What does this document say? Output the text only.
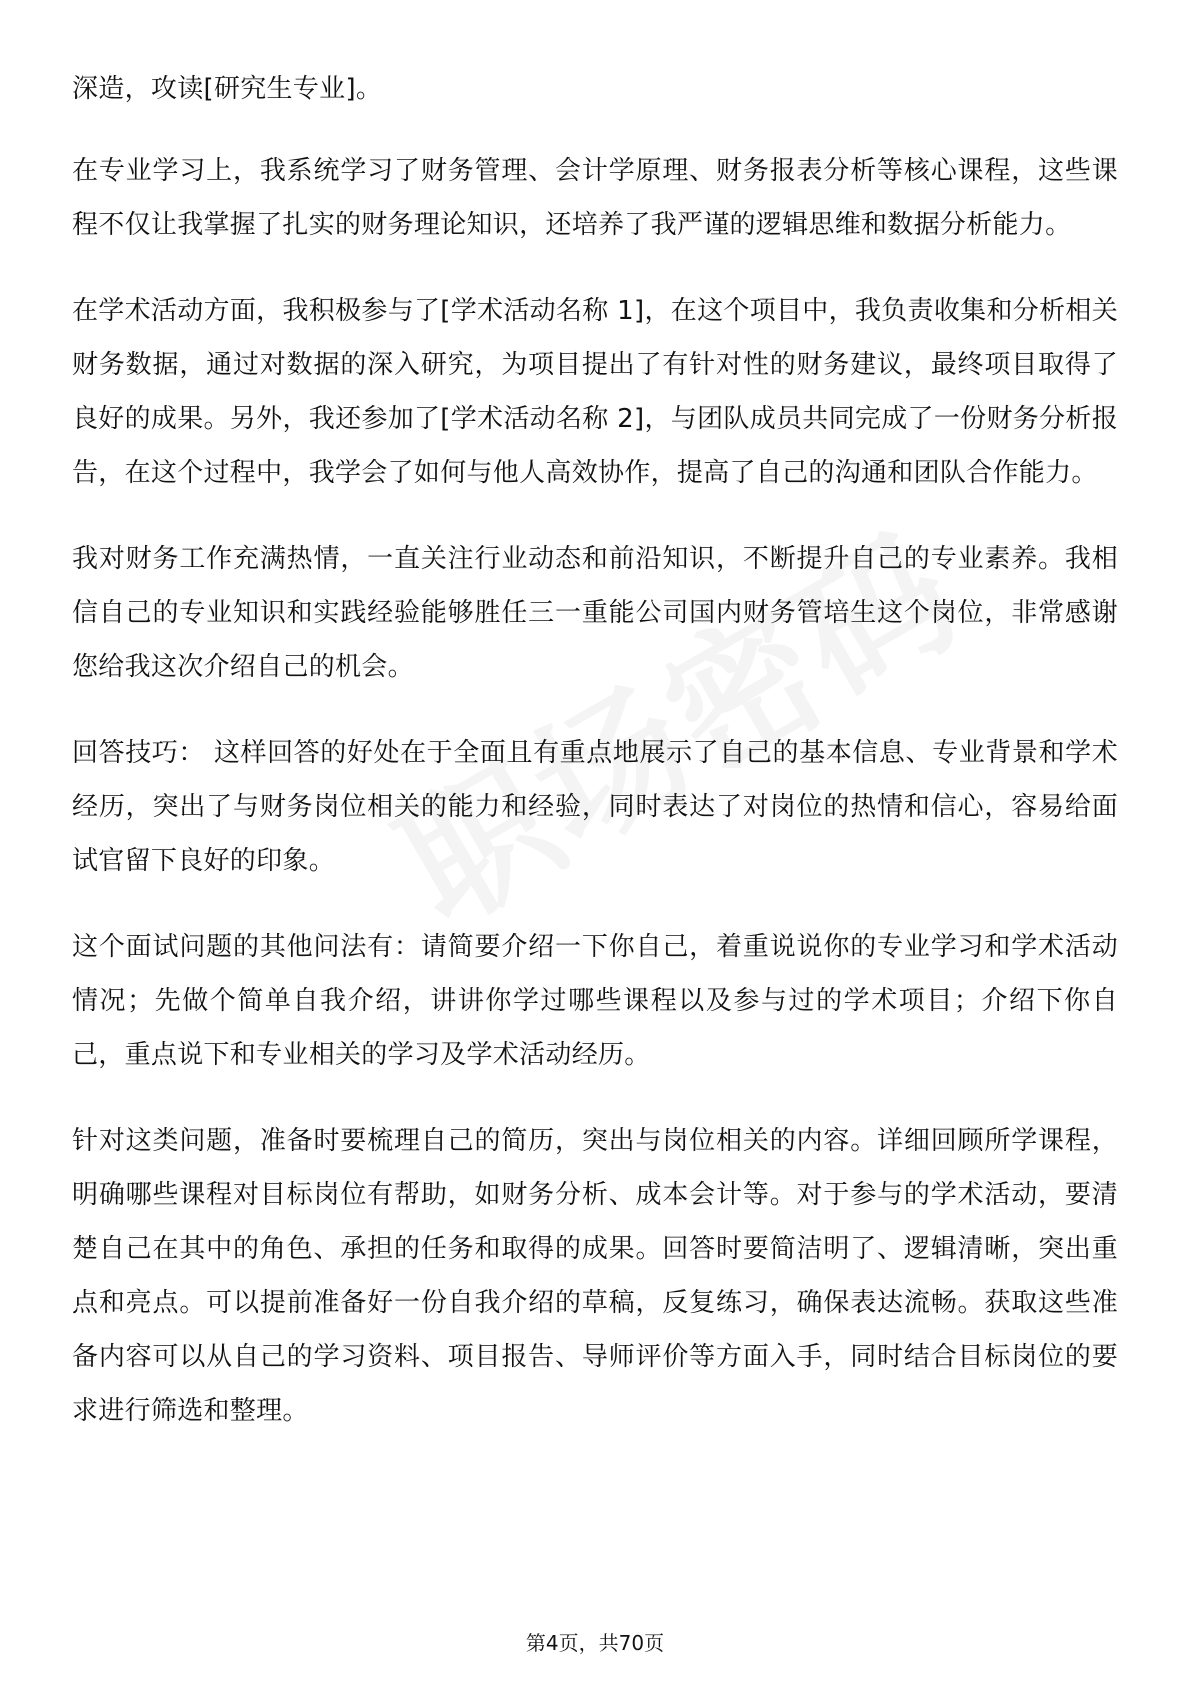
深造，攻读[研究生专业]。

在专业学习上，我系统学习了财务管理、会计学原理、财务报表分析等核心课程，这些课程不仅让我掌握了扎实的财务理论知识，还培养了我严谨的逻辑思维和数据分析能力。

在学术活动方面，我积极参与了[学术活动名称 1]，在这个项目中，我负责收集和分析相关财务数据，通过对数据的深入研究，为项目提出了有针对性的财务建议，最终项目取得了良好的成果。另外，我还参加了[学术活动名称 2]，与团队成员共同完成了一份财务分析报告，在这个过程中，我学会了如何与他人高效协作，提高了自己的沟通和团队合作能力。

我对财务工作充满热情，一直关注行业动态和前沿知识，不断提升自己的专业素养。我相信自己的专业知识和实践经验能够胜任三一重能公司国内财务管培生这个岗位，非常感谢您给我这次介绍自己的机会。

回答技巧： 这样回答的好处在于全面且有重点地展示了自己的基本信息、专业背景和学术经历，突出了与财务岗位相关的能力和经验，同时表达了对岗位的热情和信心，容易给面试官留下良好的印象。

这个面试问题的其他问法有：请简要介绍一下你自己，着重说说你的专业学习和学术活动情况；先做个简单自我介绍，讲讲你学过哪些课程以及参与过的学术项目；介绍下你自己，重点说下和专业相关的学习及学术活动经历。

针对这类问题，准备时要梳理自己的简历，突出与岗位相关的内容。详细回顾所学课程，明确哪些课程对目标岗位有帮助，如财务分析、成本会计等。对于参与的学术活动，要清楚自己在其中的角色、承担的任务和取得的成果。回答时要简洁明了、逻辑清晰，突出重点和亮点。可以提前准备好一份自我介绍的草稿，反复练习，确保表达流畅。获取这些准备内容可以从自己的学习资料、项目报告、导师评价等方面入手，同时结合目标岗位的要求进行筛选和整理。

第4页，共70页
